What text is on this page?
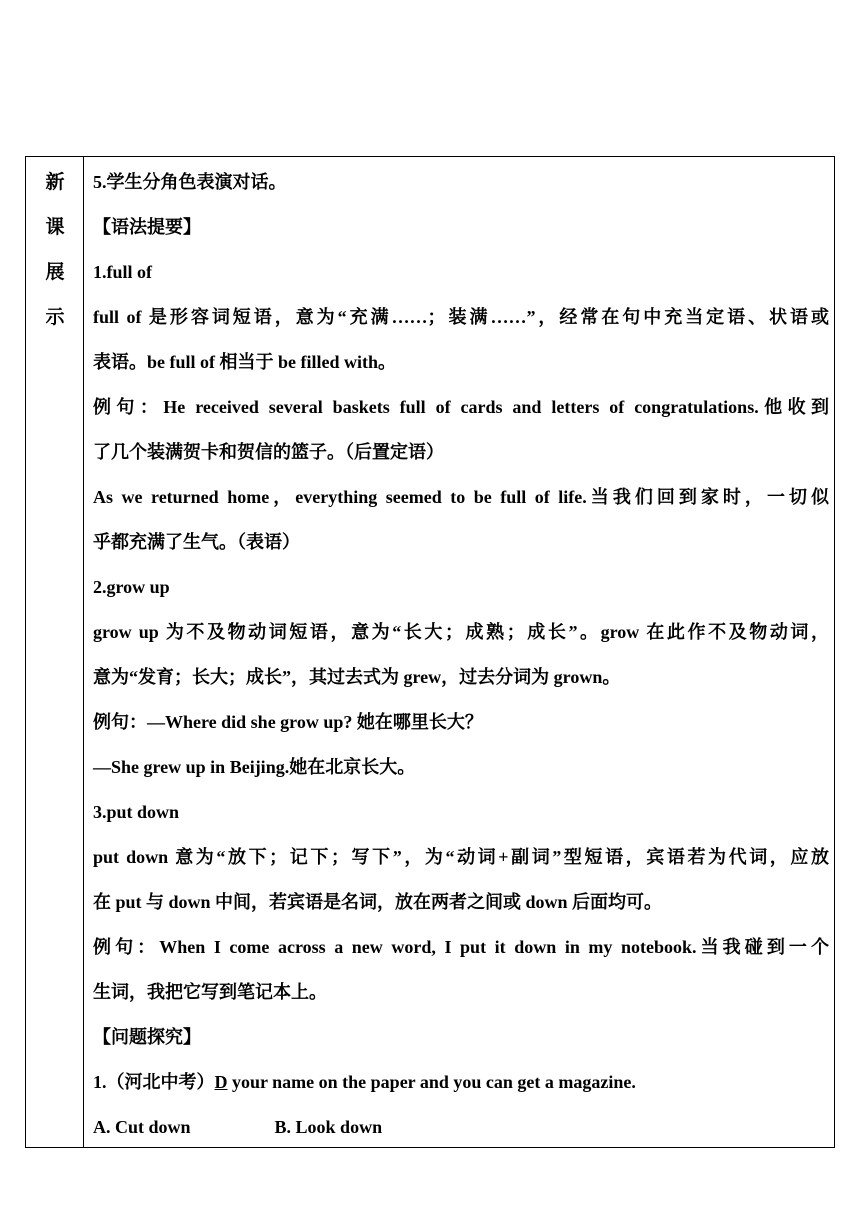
新
课
展
示
5.学生分角色表演对话。
【语法提要】
1.full of
full of 是形容词短语，意为“充满……；装满……”，经常在句中充当定语、状语或
表语。be full of 相当于 be filled with。
例句：He received several baskets full of cards and letters of congratulations.他收到
了几个装满贺卡和贺信的篮子。（后置定语）
As we returned home，everything seemed to be full of life.当我们回到家时，一切似
乎都充满了生气。（表语）
2.grow up
grow up 为不及物动词短语，意为“长大；成熟；成长”。grow 在此作不及物动词，
意为“发育；长大；成长”，其过去式为 grew，过去分词为 grown。
例句：—Where did she grow up? 她在哪里长大？
—She grew up in Beijing.她在北京长大。
3.put down
put down 意为“放下；记下；写下”，为“动词+副词”型短语，宾语若为代词，应放
在 put 与 down 中间，若宾语是名词，放在两者之间或 down 后面均可。
例句：When I come across a new word, I put it down in my notebook.当我碰到一个
生词，我把它写到笔记本上。
【问题探究】
1.（河北中考）D your name on the paper and you can get a magazine.
A. Cut down	B. Look down
